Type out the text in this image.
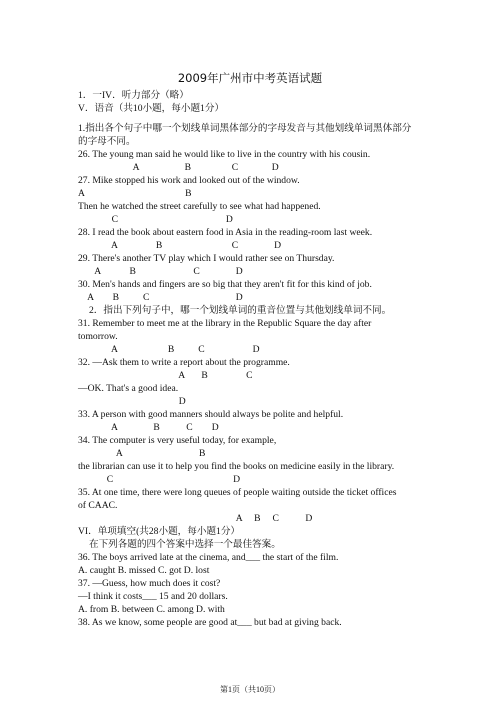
2009年广州市中考英语试题
1．一IV．听力部分（略）
V．语音（共10小题，每小题1分）
1.指出各个句子中哪一个划线单词黑体部分的字母发音与其他划线单词黑体部分的字母不同。
26. The young man said he would like to live in the country with his cousin.
A                   B                 C              D
27. Mike stopped his work and looked out of the window.
A                                          B
Then he watched the street carefully to see what had happened.
C                                             D
28. I read the book about eastern food in Asia in the reading-room last week.
A                B                             C               D
29. There's another TV play which I would rather see on Thursday.
A            B                        C               D
30. Men's hands and fingers are so big that they aren't fit for this kind of job.
A        B          C                                    D
2．指出下列句子中，哪一个划线单词的重音位置与其他划线单词不同。
31. Remember to meet me at the library in the Republic Square the day after
tomorrow.
A                     B          C                    D
32. —Ask them to write a report about the programme.
A       B                C
—OK. That's a good idea.
D
33. A person with good manners should always be polite and helpful.
A               B           C        D
34. The computer is very useful today, for example,
A                                B
the librarian can use it to help you find the books on medicine easily in the library.
C                                                  D
35. At one time, there were long queues of people waiting outside the ticket offices
of CAAC.
A     B     C           D
VI．单项填空(共28小题，每小题1分）
在下列各题的四个答案中选择一个最佳答案。
36. The boys arrived late at the cinema, and___ the start of the film.
A. caught B. missed C. got D. lost
37. —Guess, how much does it cost?
—I think it costs___ 15 and 20 dollars.
A. from B. between C. among D. with
38. As we know, some people are good at___ but bad at giving back.
第1页（共10页）
